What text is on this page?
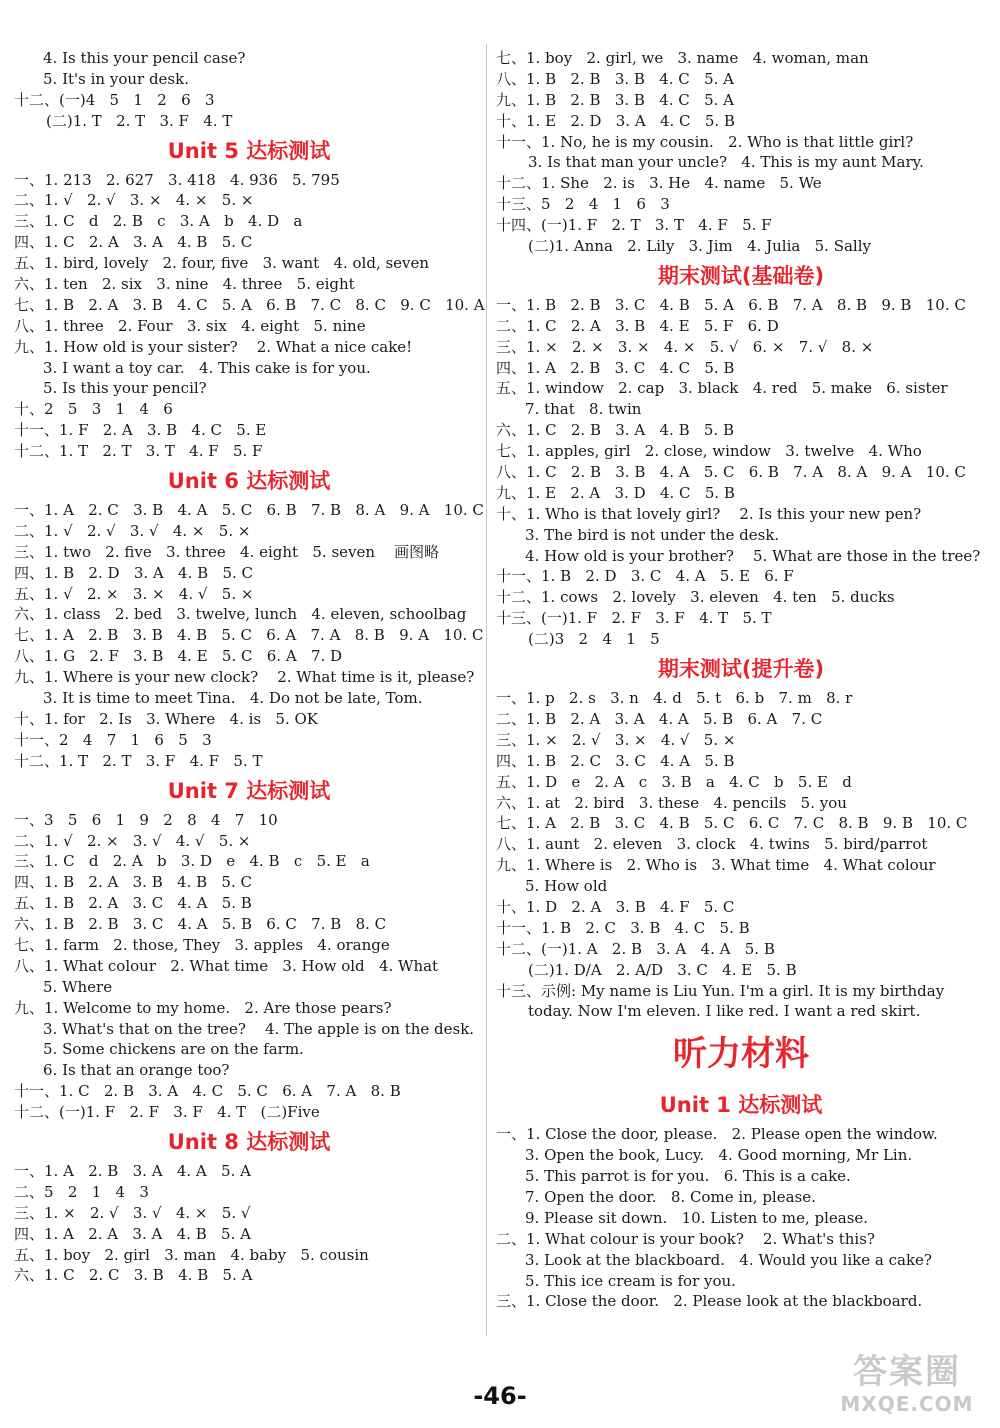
4. Is this your pencil case?
5. It's in your desk.
十二、(一)4   5   1   2   6   3
(二)1. T   2. T   3. F   4. T
Unit 5 达标测试
一、1. 213   2. 627   3. 418   4. 936   5. 795
二、1. √   2. √   3. ×   4. ×   5. ×
三、1. C   d   2. B   c   3. A   b   4. D   a
四、1. C   2. A   3. A   4. B   5. C
五、1. bird, lovely   2. four, five   3. want   4. old, seven
六、1. ten   2. six   3. nine   4. three   5. eight
七、1. B   2. A   3. B   4. C   5. A   6. B   7. C   8. C   9. C   10. A
八、1. three   2. Four   3. six   4. eight   5. nine
九、1. How old is your sister?    2. What a nice cake!
3. I want a toy car.   4. This cake is for you.
5. Is this your pencil?
十、2   5   3   1   4   6
十一、1. F   2. A   3. B   4. C   5. E
十二、1. T   2. T   3. T   4. F   5. F
Unit 6 达标测试
一、1. A   2. C   3. B   4. A   5. C   6. B   7. B   8. A   9. A   10. C
二、1. √   2. √   3. √   4. ×   5. ×
三、1. two   2. five   3. three   4. eight   5. seven    画图略
四、1. B   2. D   3. A   4. B   5. C
五、1. √   2. ×   3. ×   4. √   5. ×
六、1. class   2. bed   3. twelve, lunch   4. eleven, schoolbag
七、1. A   2. B   3. B   4. B   5. C   6. A   7. A   8. B   9. A   10. C
八、1. G   2. F   3. B   4. E   5. C   6. A   7. D
九、1. Where is your new clock?    2. What time is it, please?
3. It is time to meet Tina.   4. Do not be late, Tom.
十、1. for   2. Is   3. Where   4. is   5. OK
十一、2   4   7   1   6   5   3
十二、1. T   2. T   3. F   4. F   5. T
Unit 7 达标测试
一、3   5   6   1   9   2   8   4   7   10
二、1. √   2. ×   3. √   4. √   5. ×
三、1. C   d   2. A   b   3. D   e   4. B   c   5. E   a
四、1. B   2. A   3. B   4. B   5. C
五、1. B   2. A   3. C   4. A   5. B
六、1. B   2. B   3. C   4. A   5. B   6. C   7. B   8. C
七、1. farm   2. those, They   3. apples   4. orange
八、1. What colour   2. What time   3. How old   4. What
5. Where
九、1. Welcome to my home.   2. Are those pears?
3. What's that on the tree?    4. The apple is on the desk.
5. Some chickens are on the farm.
6. Is that an orange too?
十一、1. C   2. B   3. A   4. C   5. C   6. A   7. A   8. B
十二、(一)1. F   2. F   3. F   4. T   (二)Five
Unit 8 达标测试
一、1. A   2. B   3. A   4. A   5. A
二、5   2   1   4   3
三、1. ×   2. √   3. √   4. ×   5. √
四、1. A   2. A   3. A   4. B   5. A
五、1. boy   2. girl   3. man   4. baby   5. cousin
六、1. C   2. C   3. B   4. B   5. A
七、1. boy   2. girl, we   3. name   4. woman, man
八、1. B   2. B   3. B   4. C   5. A
九、1. B   2. B   3. B   4. C   5. A
十、1. E   2. D   3. A   4. C   5. B
十一、1. No, he is my cousin.   2. Who is that little girl?
3. Is that man your uncle?   4. This is my aunt Mary.
十二、1. She   2. is   3. He   4. name   5. We
十三、5   2   4   1   6   3
十四、(一)1. F   2. T   3. T   4. F   5. F
(二)1. Anna   2. Lily   3. Jim   4. Julia   5. Sally
期末测试(基础卷)
一、1. B   2. B   3. C   4. B   5. A   6. B   7. A   8. B   9. B   10. C
二、1. C   2. A   3. B   4. E   5. F   6. D
三、1. ×   2. ×   3. ×   4. ×   5. √   6. ×   7. √   8. ×
四、1. A   2. B   3. C   4. C   5. B
五、1. window   2. cap   3. black   4. red   5. make   6. sister
7. that   8. twin
六、1. C   2. B   3. A   4. B   5. B
七、1. apples, girl   2. close, window   3. twelve   4. Who
八、1. C   2. B   3. B   4. A   5. C   6. B   7. A   8. A   9. A   10. C
九、1. E   2. A   3. D   4. C   5. B
十、1. Who is that lovely girl?    2. Is this your new pen?
3. The bird is not under the desk.
4. How old is your brother?    5. What are those in the tree?
十一、1. B   2. D   3. C   4. A   5. E   6. F
十二、1. cows   2. lovely   3. eleven   4. ten   5. ducks
十三、(一)1. F   2. F   3. F   4. T   5. T
(二)3   2   4   1   5
期末测试(提升卷)
一、1. p   2. s   3. n   4. d   5. t   6. b   7. m   8. r
二、1. B   2. A   3. A   4. A   5. B   6. A   7. C
三、1. ×   2. √   3. ×   4. √   5. ×
四、1. B   2. C   3. C   4. A   5. B
五、1. D   e   2. A   c   3. B   a   4. C   b   5. E   d
六、1. at   2. bird   3. these   4. pencils   5. you
七、1. A   2. B   3. C   4. B   5. C   6. C   7. C   8. B   9. B   10. C
八、1. aunt   2. eleven   3. clock   4. twins   5. bird/parrot
九、1. Where is   2. Who is   3. What time   4. What colour
5. How old
十、1. D   2. A   3. B   4. F   5. C
十一、1. B   2. C   3. B   4. C   5. B
十二、(一)1. A   2. B   3. A   4. A   5. B
(二)1. D/A   2. A/D   3. C   4. E   5. B
十三、示例: My name is Liu Yun. I'm a girl. It is my birthday
today. Now I'm eleven. I like red. I want a red skirt.
听力材料
Unit 1 达标测试
一、1. Close the door, please.   2. Please open the window.
3. Open the book, Lucy.   4. Good morning, Mr Lin.
5. This parrot is for you.   6. This is a cake.
7. Open the door.   8. Come in, please.
9. Please sit down.   10. Listen to me, please.
二、1. What colour is your book?    2. What's this?
3. Look at the blackboard.   4. Would you like a cake?
5. This ice cream is for you.
三、1. Close the door.   2. Please look at the blackboard.
-46-
答案圈
MXQE.COM
